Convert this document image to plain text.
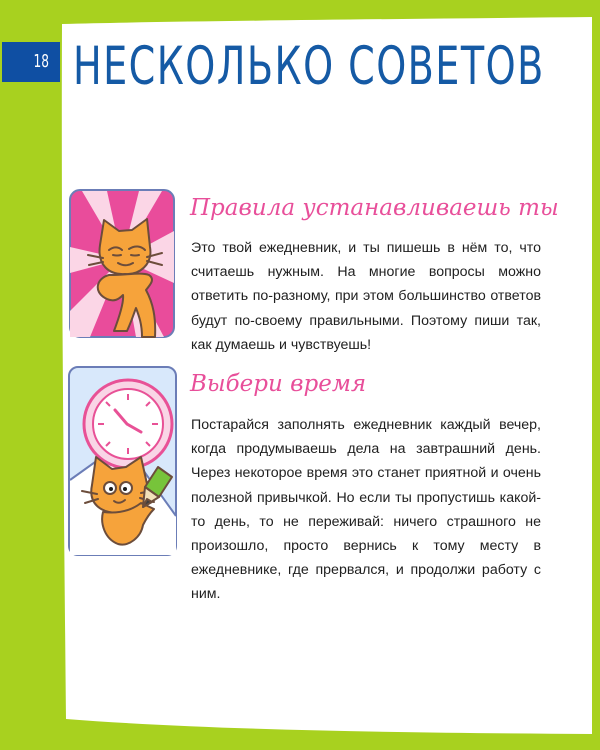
18 НЕСКОЛЬКО СОВЕТОВ
Правила устанавливаешь ты
Это твой ежедневник, и ты пишешь в нём то, что считаешь нужным. На многие вопросы можно ответить по-разному, при этом большинство ответов будут по-своему правильными. Поэтому пиши так, как думаешь и чувствуешь!
Выбери время
Постарайся заполнять ежедневник каждый вечер, когда продумываешь дела на завтрашний день. Через некоторое время это станет приятной и очень полезной привычкой. Но если ты пропустишь какой-то день, то не переживай: ничего страшного не произошло, просто вернись к тому месту в ежедневнике, где прервался, и продолжи работу с ним.
